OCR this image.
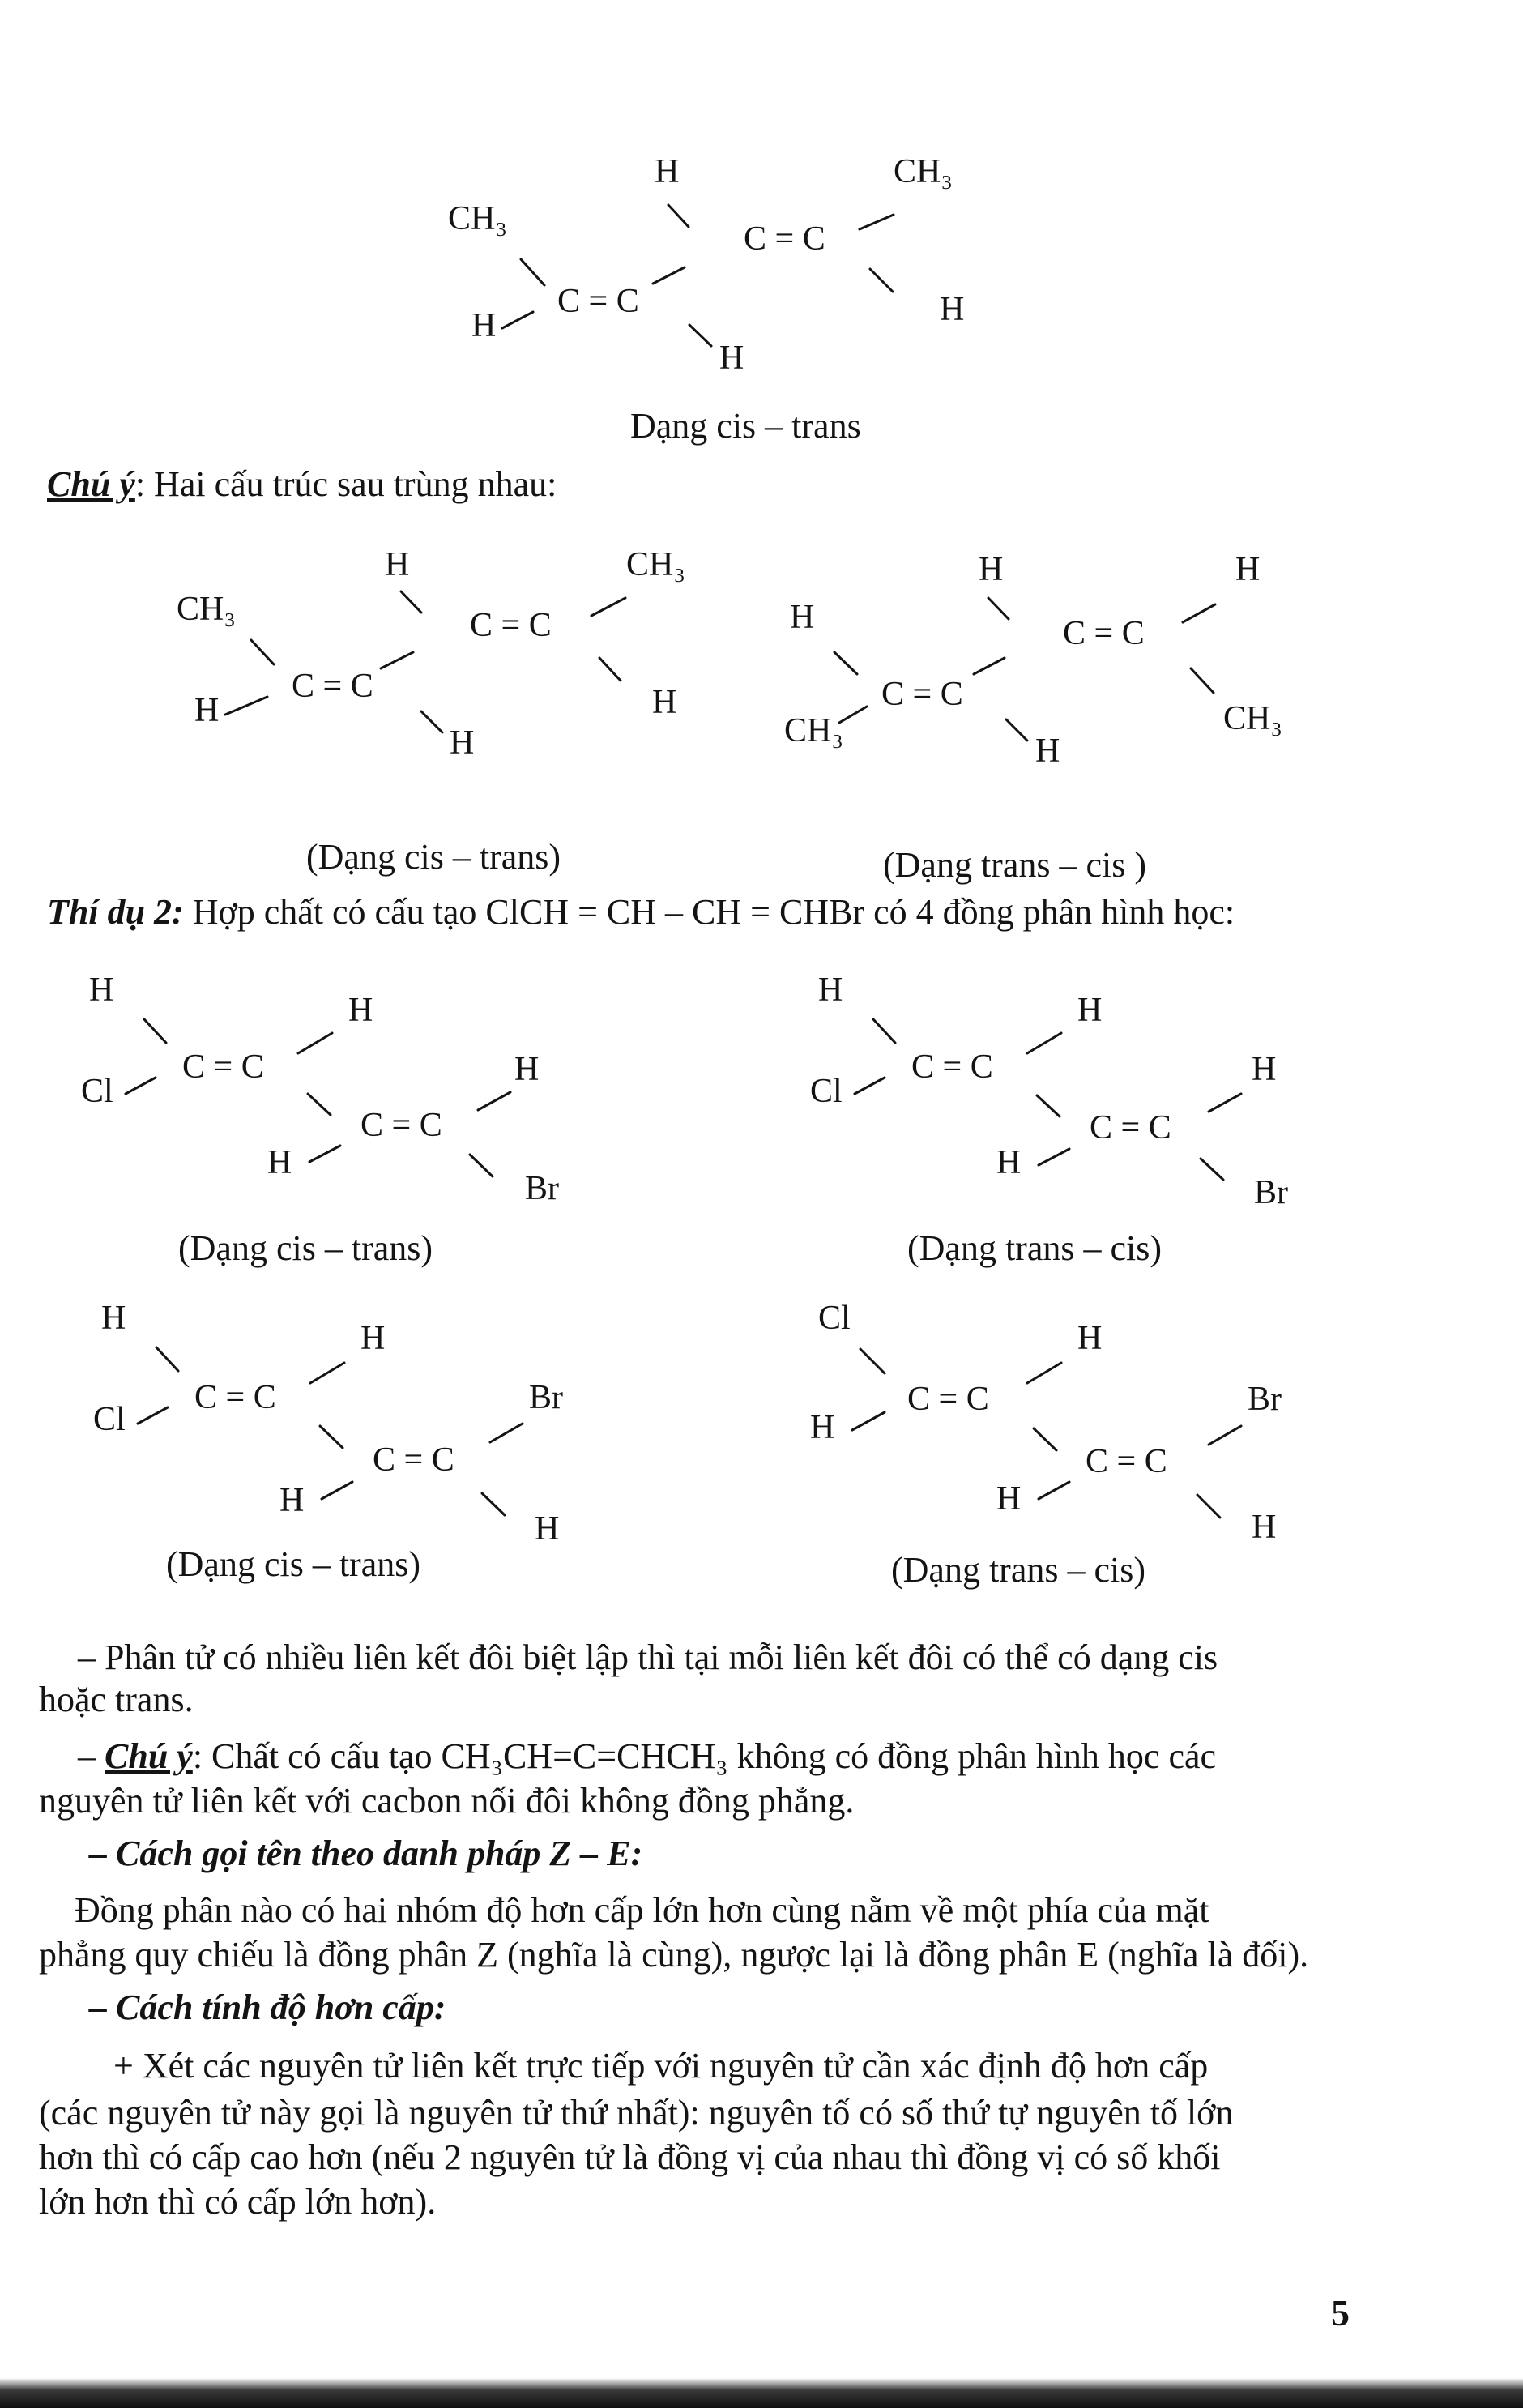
H	CH₃
CH₃
H
H
H
C = C
C = C
Dạng cis – trans
Chú ý: Hai cấu trúc sau trùng nhau:
H	CH₃
CH₃
H
H
H
C = C
C = C
H	H
H
CH₃
H
CH₃
C = C
C = C
(Dạng cis – trans)	(Dạng trans – cis )
Thí dụ 2: Hợp chất có cấu tạo ClCH = CH – CH = CHBr có 4 đồng phân hình học:
H
Cl
H
H
H
Br
C = C
C = C
H
Cl
H
H
H
Br
C = C
C = C
(Dạng cis – trans)	(Dạng trans – cis)
H
Cl
H
H
Br
H
C = C
C = C
Cl
H
H
H
Br
H
C = C
C = C
(Dạng cis – trans)	(Dạng trans – cis)
– Phân tử có nhiều liên kết đôi biệt lập thì tại mỗi liên kết đôi có thể có dạng cis
hoặc trans.
– Chú ý: Chất có cấu tạo CH₃CH=C=CHCH₃ không có đồng phân hình học các
nguyên tử liên kết với cacbon nối đôi không đồng phẳng.
– Cách gọi tên theo danh pháp Z – E:
Đồng phân nào có hai nhóm độ hơn cấp lớn hơn cùng nằm về một phía của mặt
phẳng quy chiếu là đồng phân Z (nghĩa là cùng), ngược lại là đồng phân E (nghĩa là đối).
– Cách tính độ hơn cấp:
+ Xét các nguyên tử liên kết trực tiếp với nguyên tử cần xác định độ hơn cấp
(các nguyên tử này gọi là nguyên tử thứ nhất): nguyên tố có số thứ tự nguyên tố lớn
hơn thì có cấp cao hơn (nếu 2 nguyên tử là đồng vị của nhau thì đồng vị có số khối
lớn hơn thì có cấp lớn hơn).
5
